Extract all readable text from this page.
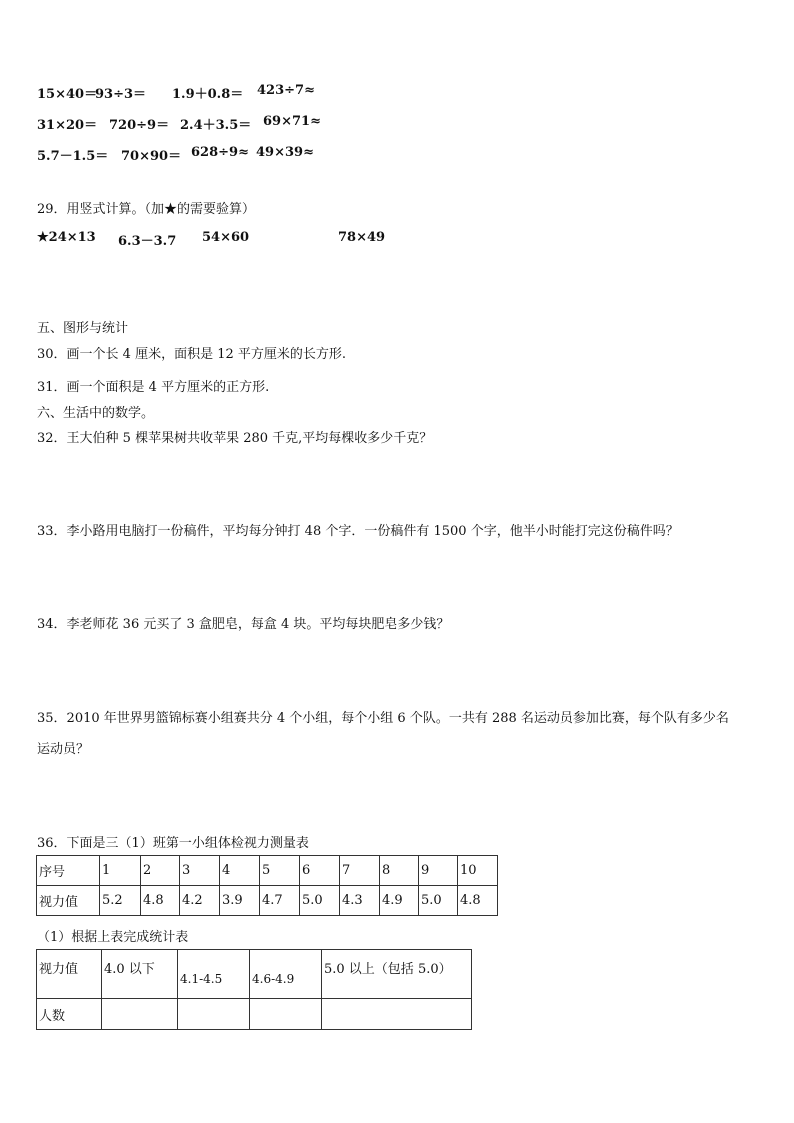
15×40＝
93÷3＝	1.9＋0.8＝	423÷7≈
31×20＝ 720÷9＝ 2.4＋3.5＝ 69×71≈
5.7－1.5＝ 70×90＝ 628÷9≈ 49×39≈
29．用竖式计算。（加★的需要验算）
★24×13 6.3－3.7 54×60	78×49
五、图形与统计
30．画一个长 4 厘米，面积是 12 平方厘米的长方形.
31．画一个面积是 4 平方厘米的正方形.
六、生活中的数学。
32．王大伯种 5 棵苹果树共收苹果 280 千克,平均每棵收多少千克？
33．李小路用电脑打一份稿件，平均每分钟打 48 个字．一份稿件有 1500 个字，他半小时能打完这份稿件吗？
34．李老师花 36 元买了 3 盒肥皂，每盒 4 块。平均每块肥皂多少钱？
35．2010 年世界男篮锦标赛小组赛共分 4 个小组，每个小组 6 个队。一共有 288 名运动员参加比赛，每个队有多少名
运动员？
36．下面是三（1）班第一小组体检视力测量表
序号	1	2	3	4	5	6	7	8	9	10
视力值	5.2	4.8	4.2	3.9	4.7	5.0	4.3	4.9	5.0	4.8
（1）根据上表完成统计表
视力值	4.0 以下	4.1-4.5	4.6-4.9	5.0 以上（包括 5.0）
人数				
